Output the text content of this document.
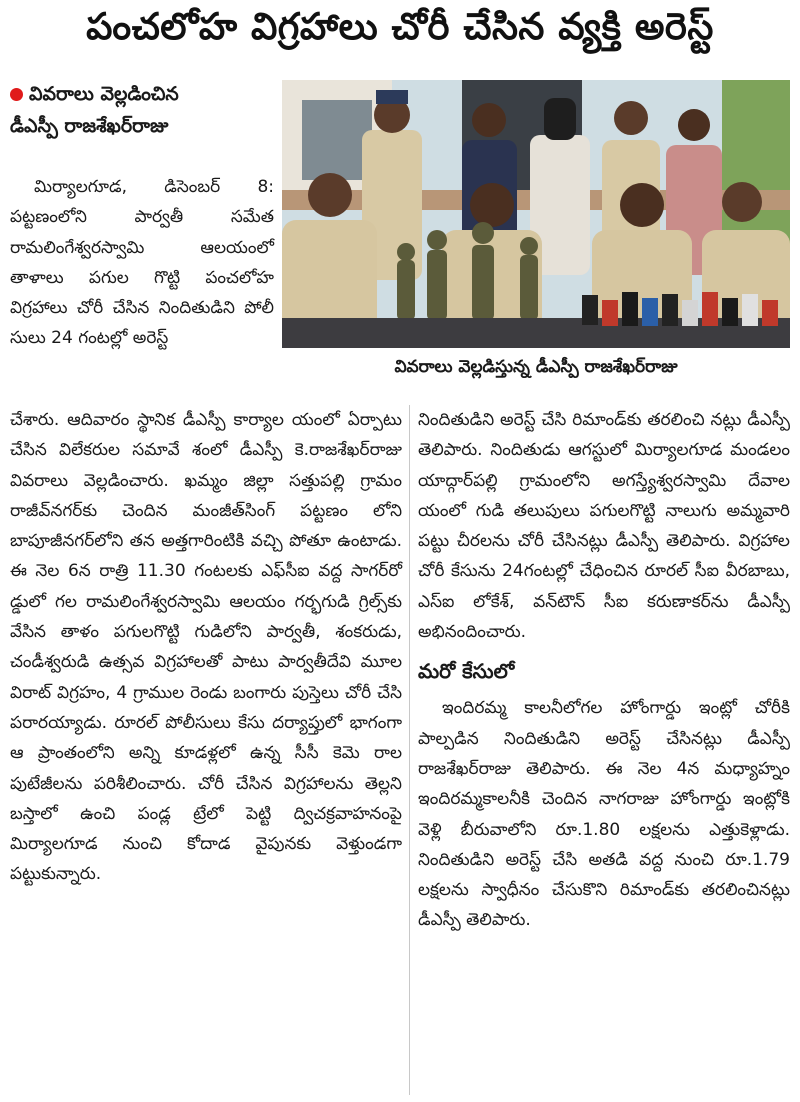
పంచలోహ విగ్రహాలు చోరీ చేసిన వ్యక్తి అరెస్ట్
వివరాలు వెల్లడించిన
డీఎస్పీ రాజశేఖర్‌రాజు
వివరాలు వెల్లడిస్తున్న డీఎస్పీ రాజశేఖర్‌రాజు

మిర్యాలగూడ, డిసెంబర్ 8: పట్టణంలోని పార్వతీ సమేత రామలింగేశ్వరస్వామి ఆలయంలో తాళాలు పగుల గొట్టి పంచలోహ విగ్రహాలు చోరీ చేసిన నిందితుడిని పోలీ సులు 24 గంటల్లో అరెస్ట్

చేశారు. ఆదివారం స్థానిక డీఎస్పీ కార్యాల యంలో ఏర్పాటు చేసిన విలేకరుల సమావే శంలో డీఎస్పీ కె.రాజశేఖర్‌రాజు వివరాలు వెల్లడించారు. ఖమ్మం జిల్లా సత్తుపల్లి గ్రామం రాజీవ్‌నగర్‌కు చెందిన మంజీత్‌సింగ్ పట్టణం లోని బాపూజీనగర్‌లోని తన అత్తగారింటికి వచ్చి పోతూ ఉంటాడు. ఈ నెల 6న రాత్రి 11.30 గంటలకు ఎఫ్‌సీఐ వద్ద సాగర్‌రో డ్డులో గల రామలింగేశ్వరస్వామి ఆలయం గర్భగుడి గ్రిల్స్‌కు వేసిన తాళం పగులగొట్టి గుడిలోని పార్వతీ, శంకరుడు, చండీశ్వరుడి ఉత్సవ విగ్రహాలతో పాటు పార్వతీదేవి మూల విరాట్ విగ్రహం, 4 గ్రాముల రెండు బంగారు పుస్తెలు చోరీ చేసి పరారయ్యాడు. రూరల్ పోలీసులు కేసు దర్యాప్తులో భాగంగా ఆ ప్రాంతంలోని అన్ని కూడళ్లలో ఉన్న సీసీ కెమె రాల పుటేజీలను పరిశీలించారు. చోరీ చేసిన విగ్రహాలను తెల్లని బస్తాలో ఉంచి పండ్ల ట్రేలో పెట్టి ద్విచక్రవాహనంపై మిర్యాలగూడ నుంచి కోదాడ వైపునకు వెళ్తుండగా పట్టుకున్నారు.

నిందితుడిని అరెస్ట్ చేసి రిమాండ్‌కు తరలించి నట్లు డీఎస్పీ తెలిపారు. నిందితుడు ఆగస్టులో మిర్యాలగూడ మండలం యాద్గార్‌పల్లి గ్రామంలోని అగస్త్యేశ్వరస్వామి దేవాల యంలో గుడి తలుపులు పగులగొట్టి నాలుగు అమ్మవారి పట్టు చీరలను చోరీ చేసినట్లు డీఎస్పీ తెలిపారు. విగ్రహాల చోరీ కేసును 24గంటల్లో చేధించిన రూరల్ సీఐ వీరబాబు, ఎస్ఐ లోకేశ్, వన్‌టౌన్ సీఐ కరుణాకర్‌ను డీఎస్పీ అభినందించారు.

మరో కేసులో

ఇందిరమ్మ కాలనీలోగల హోంగార్డు ఇంట్లో చోరీకి పాల్పడిన నిందితుడిని అరెస్ట్ చేసినట్లు డీఎస్పీ రాజశేఖర్‌రాజు తెలిపారు. ఈ నెల 4న మధ్యాహ్నం ఇందిరమ్మకాలనీకి చెందిన నాగరాజు హోంగార్డు ఇంట్లోకి వెళ్లి బీరువాలోని రూ.1.80 లక్షలను ఎత్తుకెళ్లాడు. నిందితుడిని అరెస్ట్ చేసి అతడి వద్ద నుంచి రూ.1.79 లక్షలను స్వాధీనం చేసుకొని రిమాండ్‌కు తరలించినట్లు డీఎస్పీ తెలిపారు.
